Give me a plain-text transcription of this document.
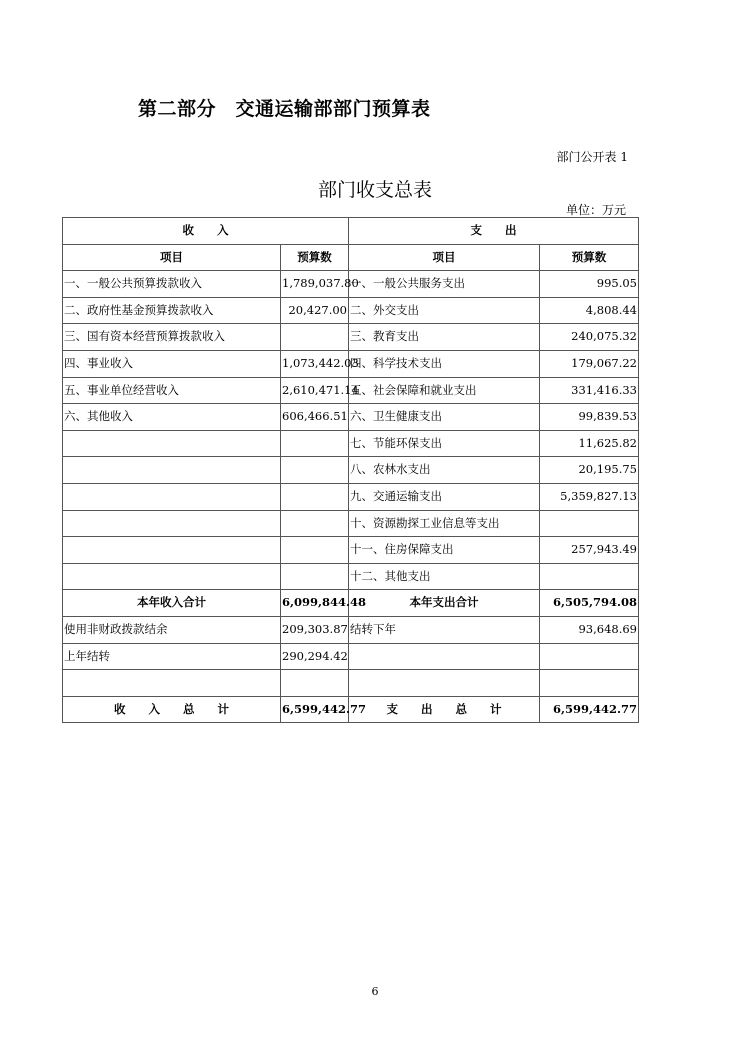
第二部分　交通运输部部门预算表
部门公开表 1
部门收支总表
单位：万元
收　　入		支　　出	
项目	预算数	项目	预算数
一、一般公共预算拨款收入	1,789,037.80	一、一般公共服务支出	995.05
二、政府性基金预算拨款收入	20,427.00	二、外交支出	4,808.44
三、国有资本经营预算拨款收入		三、教育支出	240,075.32
四、事业收入	1,073,442.03	四、科学技术支出	179,067.22
五、事业单位经营收入	2,610,471.14	五、社会保障和就业支出	331,416.33
六、其他收入	606,466.51	六、卫生健康支出	99,839.53
		七、节能环保支出	11,625.82
		八、农林水支出	20,195.75
		九、交通运输支出	5,359,827.13
		十、资源勘探工业信息等支出	
		十一、住房保障支出	257,943.49
		十二、其他支出	
本年收入合计	6,099,844.48	本年支出合计	6,505,794.08
使用非财政拨款结余	209,303.87	结转下年	93,648.69
上年结转	290,294.42		

收　　入　　总　　计	6,599,442.77	支　　出　　总　　计	6,599,442.77
6
